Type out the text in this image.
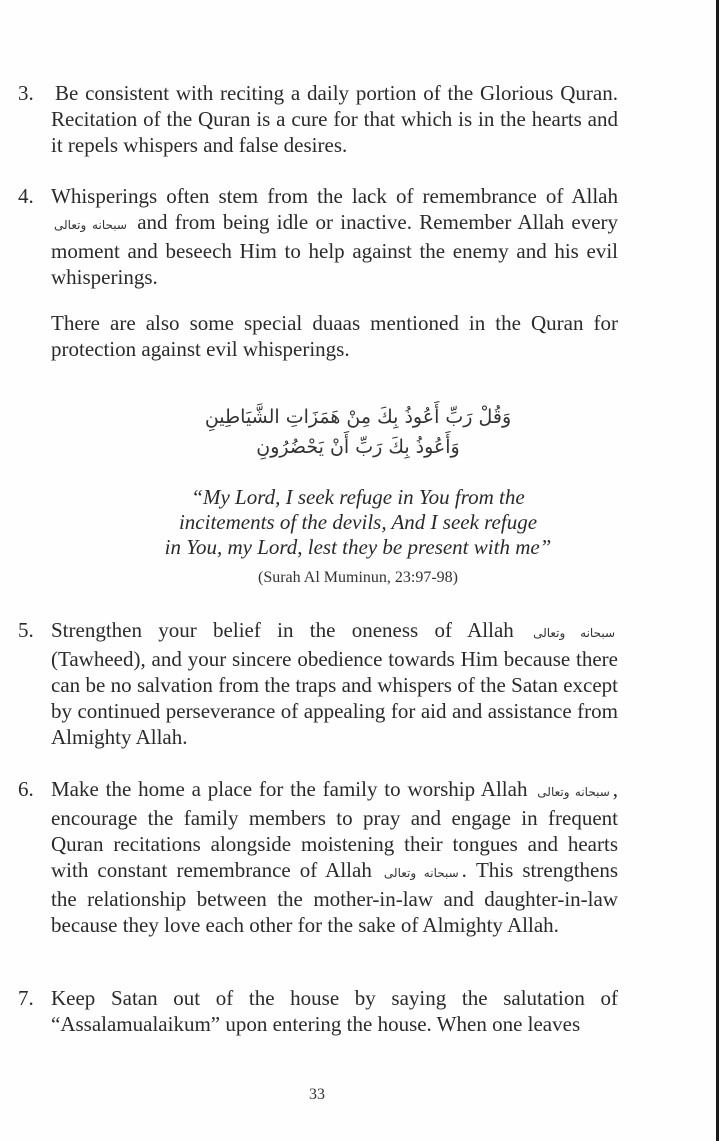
3.	Be consistent with reciting a daily portion of the Glorious Quran. Recitation of the Quran is a cure for that which is in the hearts and it repels whispers and false desires.

4. Whisperings often stem from the lack of remembrance of Allah سبحانه وتعالى and from being idle or inactive. Remember Allah every moment and beseech Him to help against the enemy and his evil whisperings.

There are also some special duaas mentioned in the Quran for protection against evil whisperings.

وَقُلْ رَبِّ أَعُوذُ بِكَ مِنْ هَمَزَاتِ الشَّيَاطِينِ
وَأَعُوذُ بِكَ رَبِّ أَنْ يَحْضُرُونِ
“My Lord, I seek refuge in You from the
incitements of the devils, And I seek refuge
in You, my Lord, lest they be present with me”
(Surah Al Muminun, 23:97-98)
5. Strengthen your belief in the oneness of Allah سبحانه وتعالى (Tawheed), and your sincere obedience towards Him because there can be no salvation from the traps and whispers of the Satan except by continued perseverance of appealing for aid and assistance from Almighty Allah.

6. Make the home a place for the family to worship Allah سبحانه وتعالى , encourage the family members to pray and engage in frequent Quran recitations alongside moistening their tongues and hearts with constant remembrance of Allah سبحانه وتعالى . This strengthens the relationship between the mother-in-law and daughter-in-law because they love each other for the sake of Almighty Allah.

7. Keep Satan out of the house by saying the salutation of “Assalamualaikum” upon entering the house. When one leaves

33
